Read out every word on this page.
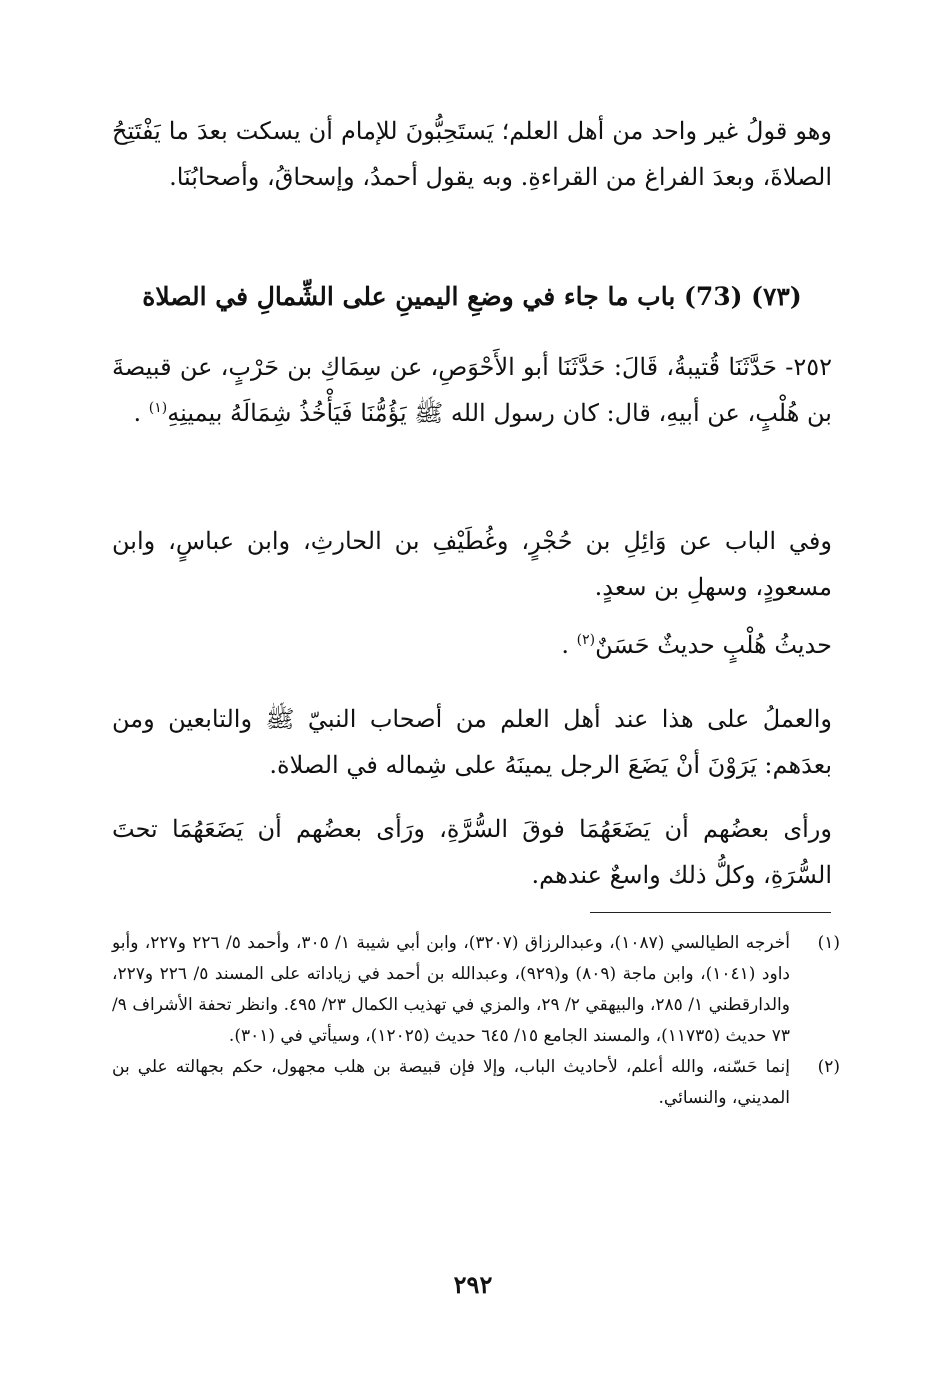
وهو قولُ غير واحد من أهل العلم؛ يَستَحِبُّونَ للإمام أن يسكت بعدَ ما يَفْتَتِحُ الصلاةَ، وبعدَ الفراغ من القراءةِ. وبه يقول أحمدُ، وإسحاقُ، وأصحابُنَا.

(٧٣) (73) باب ما جاء في وضعِ اليمينِ على الشِّمالِ في الصلاة

٢٥٢- حَدَّثَنَا قُتيبةُ، قَالَ: حَدَّثَنَا أبو الأَحْوَصِ، عن سِمَاكِ بن حَرْبٍ، عن قبيصةَ بن هُلْبٍ، عن أبيهِ، قال: كان رسول الله ﷺ يَؤُمُّنَا فَيَأْخُذُ شِمَالَهُ بيمينِهِ$^{(١)}$ .

وفي الباب عن وَائِلِ بن حُجْرٍ، وغُطَيْفِ بن الحارثِ، وابن عباسٍ، وابن مسعودٍ، وسهلِ بن سعدٍ.

حديثُ هُلْبٍ حديثٌ حَسَنٌ$^{(٢)}$ .

والعملُ على هذا عند أهل العلم من أصحاب النبيّ ﷺ والتابعين ومن بعدَهم: يَرَوْنَ أنْ يَضَعَ الرجل يمينَهُ على شِماله في الصلاة.

ورأى بعضُهم أن يَضَعَهُمَا فوقَ السُّرَّةِ، ورَأى بعضُهم أن يَضَعَهُمَا تحتَ السُّرَةِ، وكلُّ ذلك واسعٌ عندهم.

(١)
أخرجه الطيالسي (١٠٨٧)، وعبدالرزاق (٣٢٠٧)، وابن أبي شيبة ١/ ٣٠٥، وأحمد ٥/ ٢٢٦ و٢٢٧، وأبو داود (١٠٤١)، وابن ماجة (٨٠٩) و(٩٢٩)، وعبدالله بن أحمد في زياداته على المسند ٥/ ٢٢٦ و٢٢٧، والدارقطني ١/ ٢٨٥، والبيهقي ٢/ ٢٩، والمزي في تهذيب الكمال ٢٣/ ٤٩٥. وانظر تحفة الأشراف ٩/ ٧٣ حديث (١١٧٣٥)، والمسند الجامع ١٥/ ٦٤٥ حديث (١٢٠٢٥)، وسيأتي في (٣٠١).
(٢)
إنما حَسّنه، والله أعلم، لأحاديث الباب، وإلا فإن قبيصة بن هلب مجهول، حكم بجهالته علي بن المديني، والنسائي.
٢٩٢
